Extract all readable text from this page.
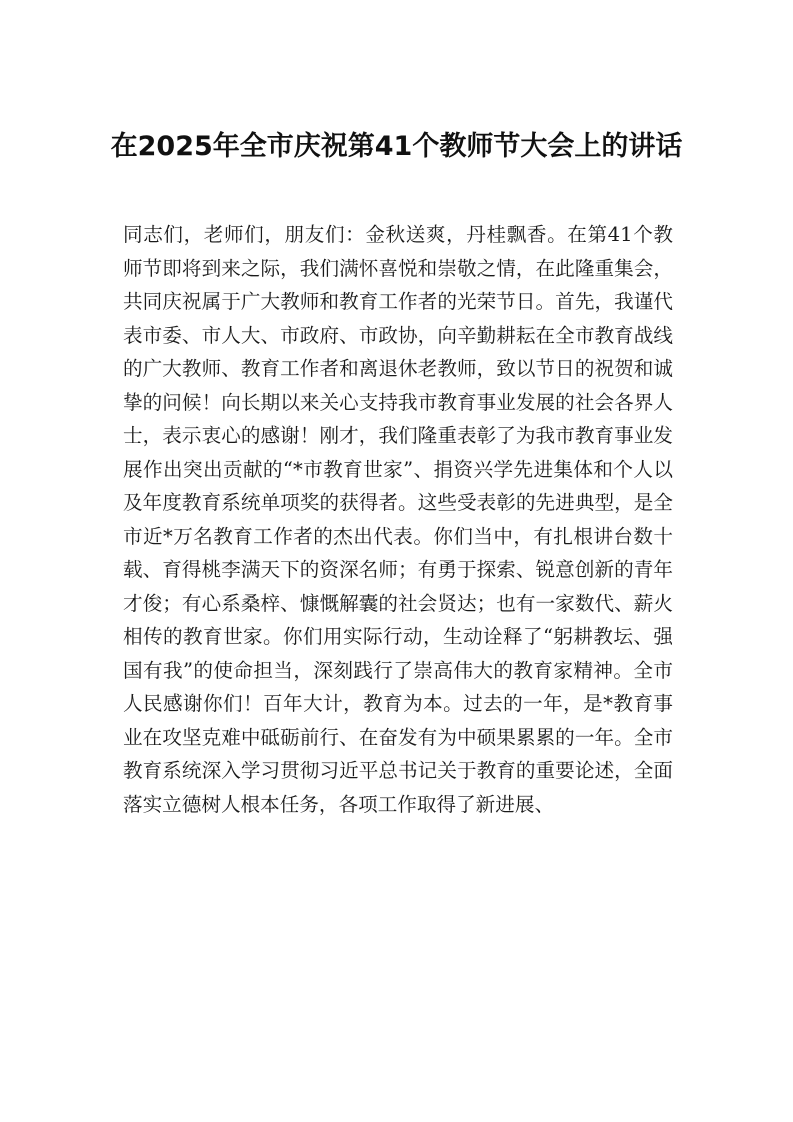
在2025年全市庆祝第41个教师节大会上的讲话

同志们，老师们，朋友们：金秋送爽，丹桂飘香。在第41个教师节即将到来之际，我们满怀喜悦和崇敬之情，在此隆重集会，共同庆祝属于广大教师和教育工作者的光荣节日。首先，我谨代表市委、市人大、市政府、市政协，向辛勤耕耘在全市教育战线的广大教师、教育工作者和离退休老教师，致以节日的祝贺和诚挚的问候！向长期以来关心支持我市教育事业发展的社会各界人士，表示衷心的感谢！刚才，我们隆重表彰了为我市教育事业发展作出突出贡献的“*市教育世家”、捐资兴学先进集体和个人以及年度教育系统单项奖的获得者。这些受表彰的先进典型，是全市近*万名教育工作者的杰出代表。你们当中，有扎根讲台数十载、育得桃李满天下的资深名师；有勇于探索、锐意创新的青年才俊；有心系桑梓、慷慨解囊的社会贤达；也有一家数代、薪火相传的教育世家。你们用实际行动，生动诠释了“躬耕教坛、强国有我”的使命担当，深刻践行了崇高伟大的教育家精神。全市人民感谢你们！百年大计，教育为本。过去的一年，是*教育事业在攻坚克难中砥砺前行、在奋发有为中硕果累累的一年。全市教育系统深入学习贯彻习近平总书记关于教育的重要论述，全面落实立德树人根本任务，各项工作取得了新进展、
